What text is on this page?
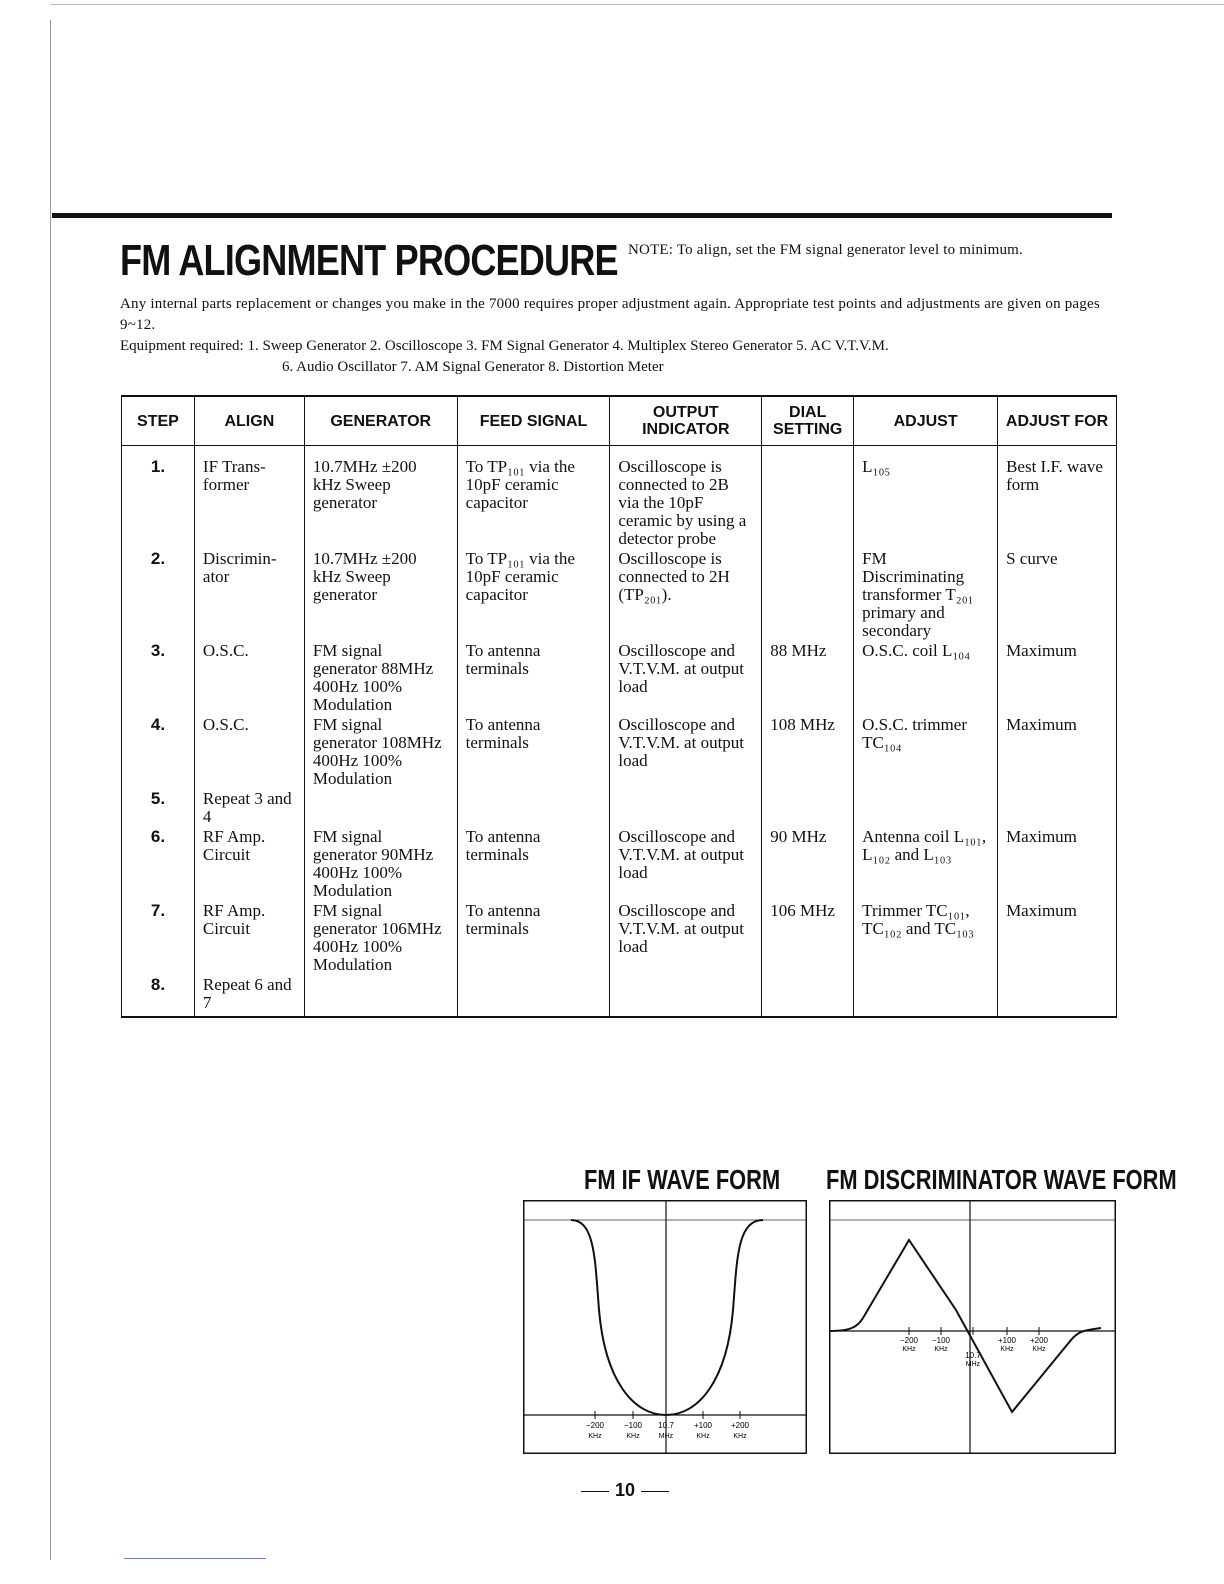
FM ALIGNMENT PROCEDURE NOTE: To align, set the FM signal generator level to minimum.

Any internal parts replacement or changes you make in the 7000 requires proper adjustment again. Appropriate test points and adjustments are given on pages 9~12.

Equipment required: 1. Sweep Generator 2. Oscilloscope 3. FM Signal Generator 4. Multiplex Stereo Generator 5. AC V.T.V.M.
6. Audio Oscillator 7. AM Signal Generator 8. Distortion Meter
STEP	ALIGN	GENERATOR	FEED SIGNAL	OUTPUT INDICATOR	DIAL SETTING	ADJUST	ADJUST FOR
1.	IF Trans- former	10.7MHz ±200 kHz Sweep generator	To TP₁₀₁ via the 10pF ceramic capacitor	Oscilloscope is connected to 2B via the 10pF ceramic by using a detector probe		L₁₀₅	Best I.F. wave form
2.	Discrimin- ator	10.7MHz ±200 kHz Sweep generator	To TP₁₀₁ via the 10pF ceramic capacitor	Oscilloscope is connected to 2H (TP₂₀₁).		FM Discriminating transformer T₂₀₁ primary and secondary	S curve
3.	O.S.C.	FM signal generator 88MHz 400Hz 100% Modulation	To antenna terminals	Oscilloscope and V.T.V.M. at output load	88 MHz	O.S.C. coil L₁₀₄	Maximum
4.	O.S.C.	FM signal generator 108MHz 400Hz 100% Modulation	To antenna terminals	Oscilloscope and V.T.V.M. at output load	108 MHz	O.S.C. trimmer TC₁₀₄	Maximum
5.	Repeat 3 and 4						
6.	RF Amp. Circuit	FM signal generator 90MHz 400Hz 100% Modulation	To antenna terminals	Oscilloscope and V.T.V.M. at output load	90 MHz	Antenna coil L₁₀₁, L₁₀₂ and L₁₀₃	Maximum
7.	RF Amp. Circuit	FM signal generator 106MHz 400Hz 100% Modulation	To antenna terminals	Oscilloscope and V.T.V.M. at output load	106 MHz	Trimmer TC₁₀₁, TC₁₀₂ and TC₁₀₃	Maximum
8.	Repeat 6 and 7						
FM IF WAVE FORM FM DISCRIMINATOR WAVE FORM
−200
KHz
−100
KHz
10.7
MHz
+100
KHz
+200
KHz
−200
KHz
−100
KHz
10.7
MHz
+100
KHz
+200
KHz
10
